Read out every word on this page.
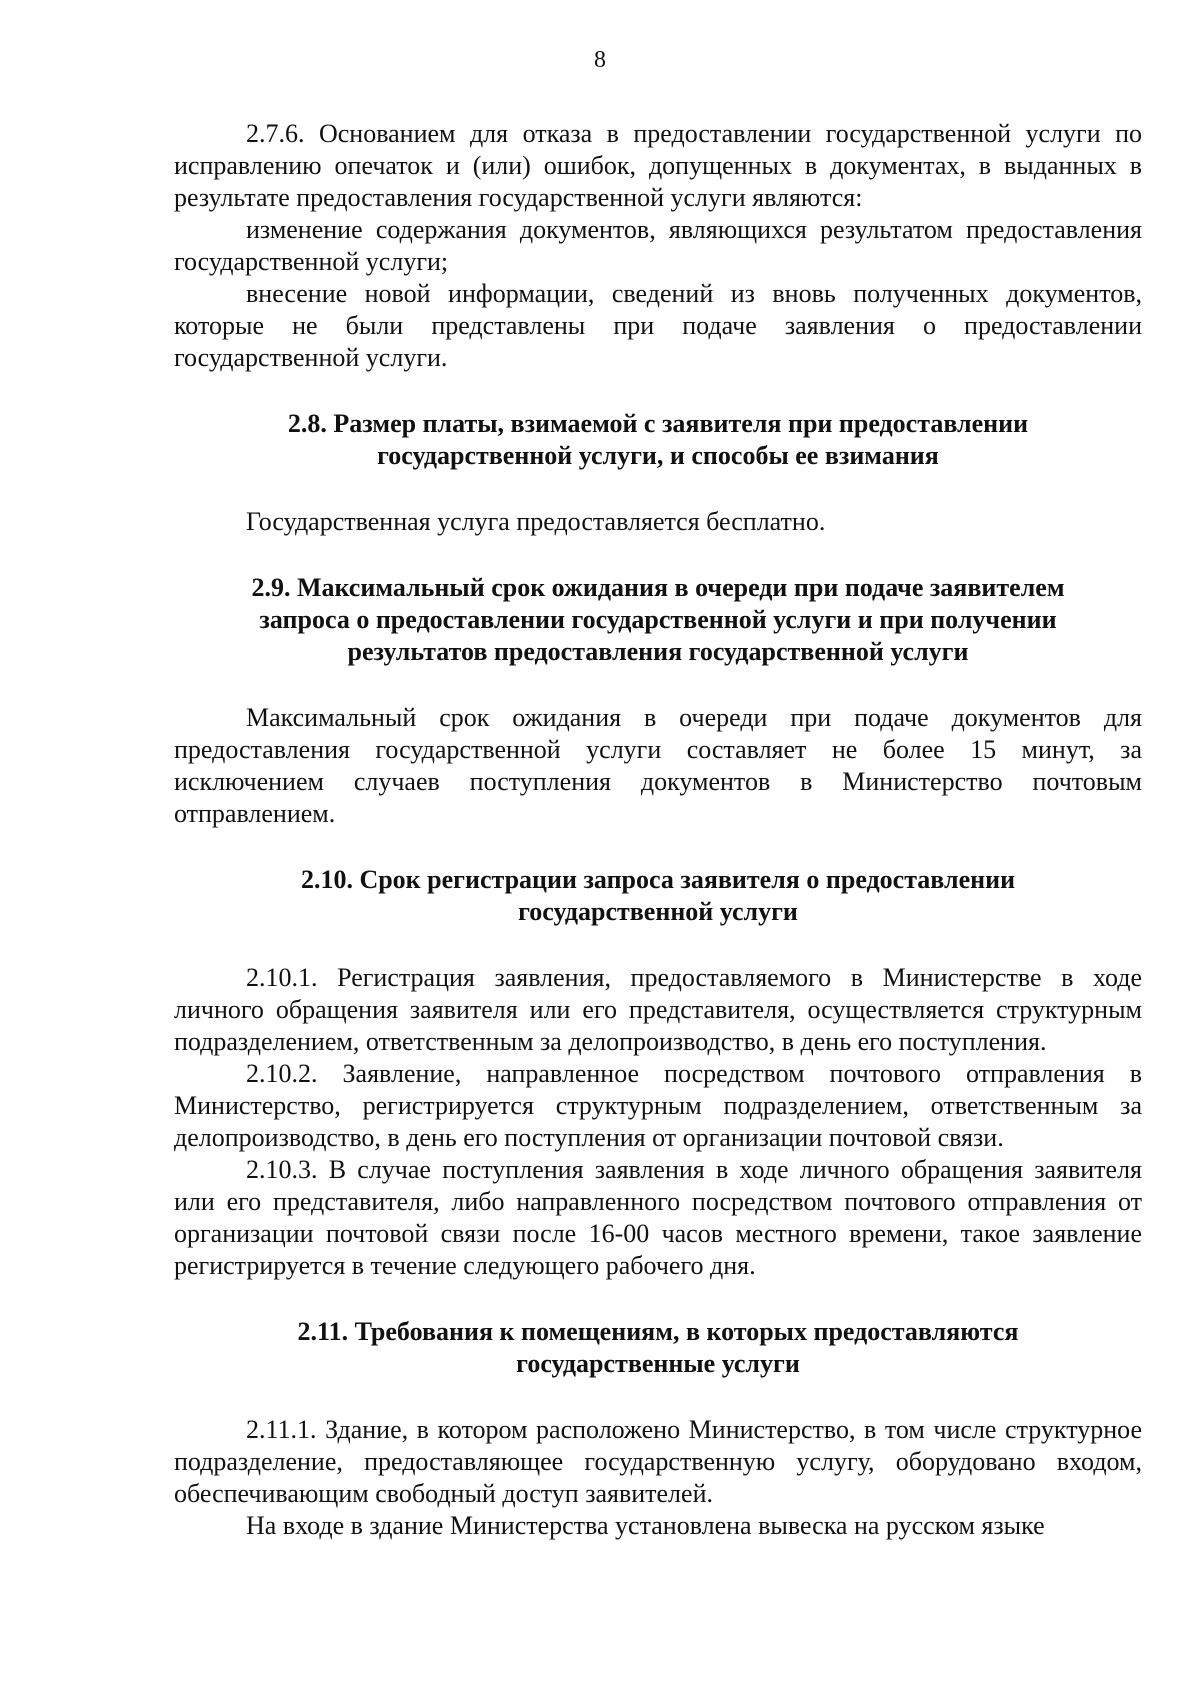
8

2.7.6. Основанием для отказа в предоставлении государственной услуги по исправлению опечаток и (или) ошибок, допущенных в документах, в выданных в результате предоставления государственной услуги являются:

изменение содержания документов, являющихся результатом предоставления государственной услуги;

внесение новой информации, сведений из вновь полученных документов, которые не были представлены при подаче заявления о предоставлении государственной услуги.

2.8. Размер платы, взимаемой с заявителя при предоставлении государственной услуги, и способы ее взимания

Государственная услуга предоставляется бесплатно.

2.9. Максимальный срок ожидания в очереди при подаче заявителем запроса о предоставлении государственной услуги и при получении результатов предоставления государственной услуги

Максимальный срок ожидания в очереди при подаче документов для предоставления государственной услуги составляет не более 15 минут, за исключением случаев поступления документов в Министерство почтовым отправлением.

2.10. Срок регистрации запроса заявителя о предоставлении государственной услуги

2.10.1. Регистрация заявления, предоставляемого в Министерстве в ходе личного обращения заявителя или его представителя, осуществляется структурным подразделением, ответственным за делопроизводство, в день его поступления.

2.10.2. Заявление, направленное посредством почтового отправления в Министерство, регистрируется структурным подразделением, ответственным за делопроизводство, в день его поступления от организации почтовой связи.

2.10.3. В случае поступления заявления в ходе личного обращения заявителя или его представителя, либо направленного посредством почтового отправления от организации почтовой связи после 16-00 часов местного времени, такое заявление регистрируется в течение следующего рабочего дня.

2.11. Требования к помещениям, в которых предоставляются государственные услуги

2.11.1. Здание, в котором расположено Министерство, в том числе структурное подразделение, предоставляющее государственную услугу, оборудовано входом, обеспечивающим свободный доступ заявителей.

На входе в здание Министерства установлена вывеска на русском языке
